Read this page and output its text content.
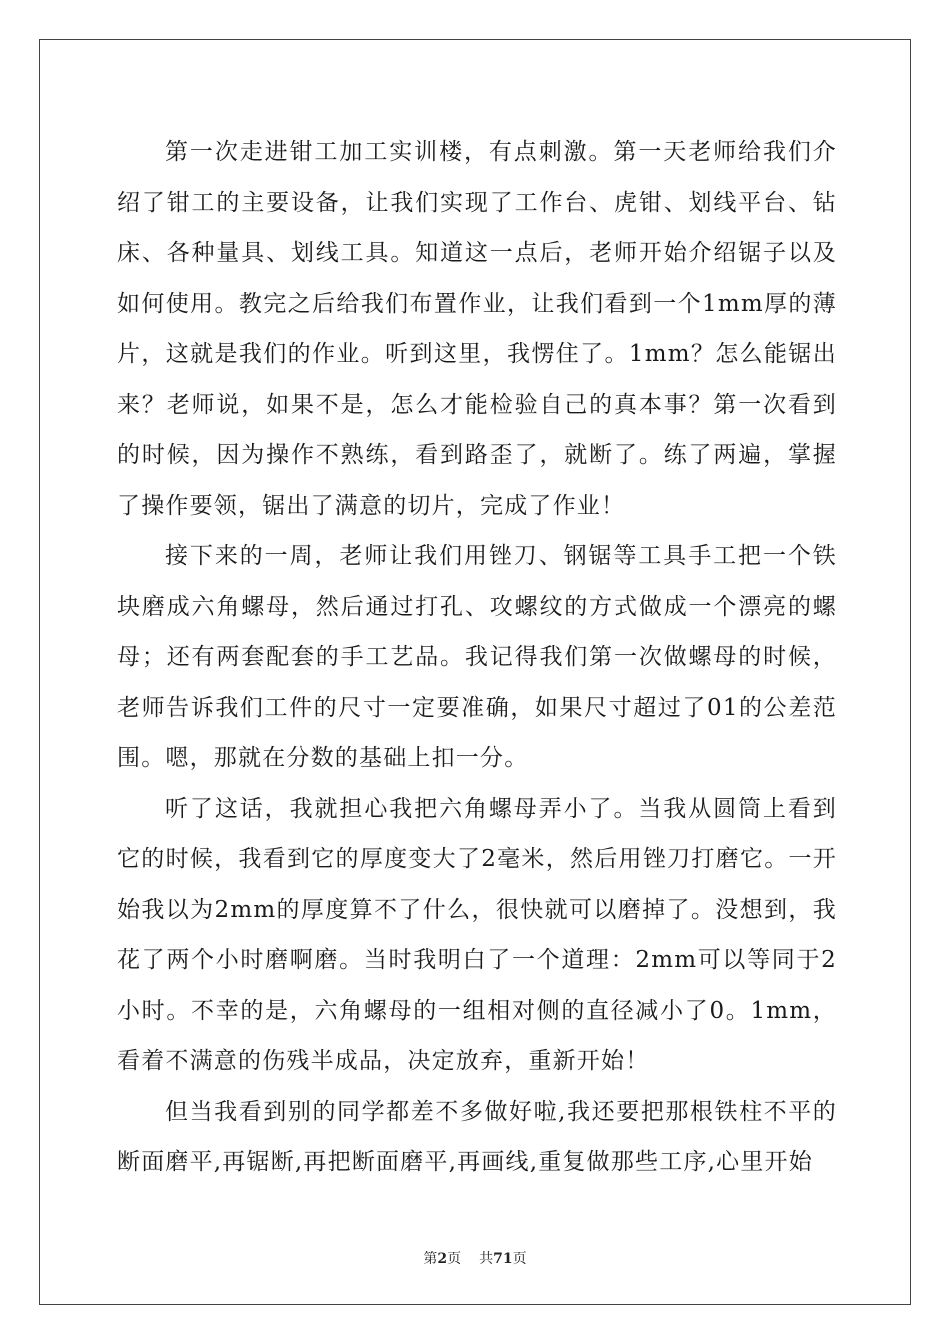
第一次走进钳工加工实训楼，有点刺激。第一天老师给我们介绍了钳工的主要设备，让我们实现了工作台、虎钳、划线平台、钻床、各种量具、划线工具。知道这一点后，老师开始介绍锯子以及如何使用。教完之后给我们布置作业，让我们看到一个1mm厚的薄片，这就是我们的作业。听到这里，我愣住了。1mm？怎么能锯出来？老师说，如果不是，怎么才能检验自己的真本事？第一次看到的时候，因为操作不熟练，看到路歪了，就断了。练了两遍，掌握了操作要领，锯出了满意的切片，完成了作业！

接下来的一周，老师让我们用锉刀、钢锯等工具手工把一个铁块磨成六角螺母，然后通过打孔、攻螺纹的方式做成一个漂亮的螺母；还有两套配套的手工艺品。我记得我们第一次做螺母的时候，老师告诉我们工件的尺寸一定要准确，如果尺寸超过了01的公差范围。嗯，那就在分数的基础上扣一分。

听了这话，我就担心我把六角螺母弄小了。当我从圆筒上看到它的时候，我看到它的厚度变大了2毫米，然后用锉刀打磨它。一开始我以为2mm的厚度算不了什么，很快就可以磨掉了。没想到，我花了两个小时磨啊磨。当时我明白了一个道理：2mm可以等同于2小时。不幸的是，六角螺母的一组相对侧的直径减小了0。1mm，看着不满意的伤残半成品，决定放弃，重新开始！

但当我看到别的同学都差不多做好啦,我还要把那根铁柱不平的断面磨平,再锯断,再把断面磨平,再画线,重复做那些工序,心里开始

第2页 共71页
